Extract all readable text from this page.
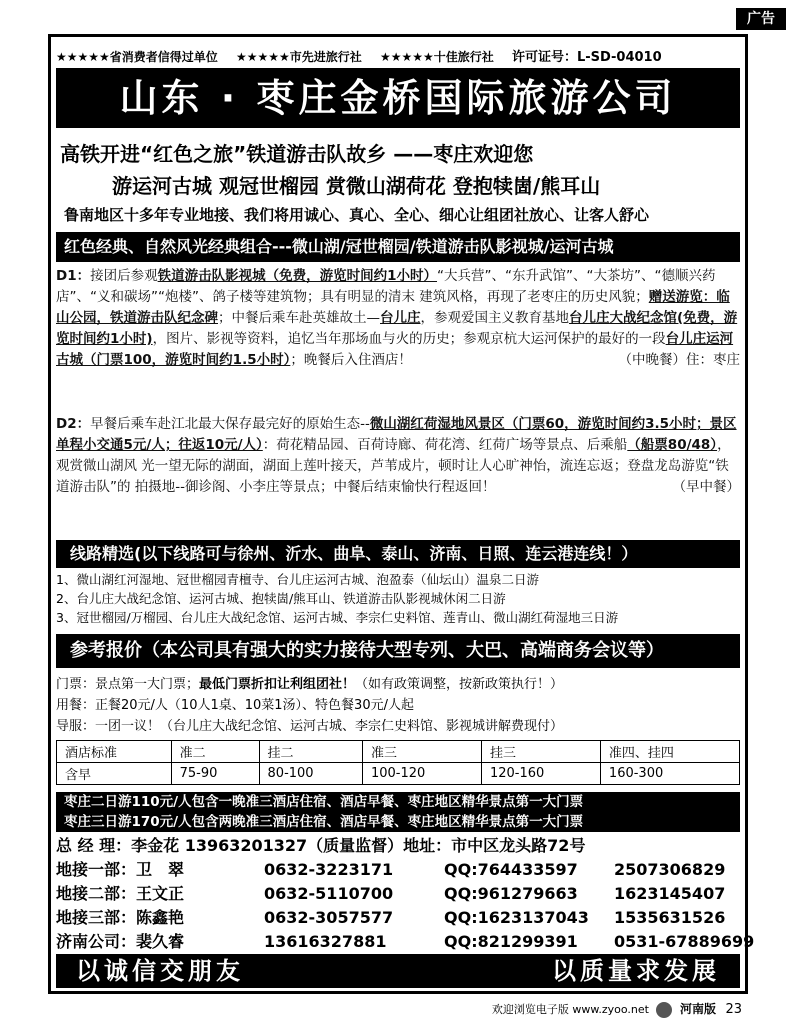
广告
★★★★★省消费者信得过单位 ★★★★★市先进旅行社 ★★★★★十佳旅行社 许可证号：L-SD-04010
山东 · 枣庄金桥国际旅游公司
高铁开进“红色之旅”铁道游击队故乡 ——枣庄欢迎您
游运河古城 观冠世榴园 赏微山湖荷花 登抱犊崮/熊耳山
鲁南地区十多年专业地接、我们将用诚心、真心、全心、细心让组团社放心、让客人舒心
红色经典、自然风光经典组合---微山湖/冠世榴园/铁道游击队影视城/运河古城
D1：接团后参观铁道游击队影视城（免费，游览时间约1小时）“大兵营”、“东升武馆”、“大茶坊”、“德顺兴药店”、“义和碳场”“炮楼”、鸽子楼等建筑物；具有明显的清末 建筑风格，再现了老枣庄的历史风貌；赠送游览：临山公园，铁道游击队纪念碑；中餐后乘车赴英雄故土—台儿庄，参观爱国主义教育基地台儿庄大战纪念馆(免费，游览时间约1小时)，图片、影视等资料，追忆当年那场血与火的历史；参观京杭大运河保护的最好的一段台儿庄运河古城（门票100，游览时间约1.5小时）；晚餐后入住酒店！	（中晚餐）住：枣庄
D2：早餐后乘车赴江北最大保存最完好的原始生态--微山湖红荷湿地风景区（门票60，游览时间约3.5小时；景区单程小交通5元/人；往返10元/人）：荷花精品园、百荷诗廊、荷花湾、红荷广场等景点、后乘船（船票80/48），观赏微山湖风 光一望无际的湖面，湖面上莲叶接天，芦苇成片，顿时让人心旷神怡，流连忘返；登盘龙岛游览“铁道游击队”的 拍摄地--御诊阁、小李庄等景点；中餐后结束愉快行程返回！	（早中餐）
线路精选(以下线路可与徐州、沂水、曲阜、泰山、济南、日照、连云港连线！）
1、微山湖红河湿地、冠世榴园青檀寺、台儿庄运河古城、泡盈泰（仙坛山）温泉二日游
2、台儿庄大战纪念馆、运河古城、抱犊崮/熊耳山、铁道游击队影视城休闲二日游
3、冠世榴园/万榴园、台儿庄大战纪念馆、运河古城、李宗仁史料馆、莲青山、微山湖红荷湿地三日游
参考报价（本公司具有强大的实力接待大型专列、大巴、高端商务会议等）
门票：景点第一大门票；最低门票折扣让利组团社！（如有政策调整，按新政策执行！）
用餐：正餐20元/人（10人1桌、10菜1汤）、特色餐30元/人起
导服：一团一议！（台儿庄大战纪念馆、运河古城、李宗仁史料馆、影视城讲解费现付）
酒店标准	准二	挂二	准三	挂三	准四、挂四
含早	75-90	80-100	100-120	120-160	160-300
枣庄二日游110元/人包含一晚准三酒店住宿、酒店早餐、枣庄地区精华景点第一大门票
枣庄三日游170元/人包含两晚准三酒店住宿、酒店早餐、枣庄地区精华景点第一大门票
总 经 理：李金花 13963201327（质量监督）地址：市中区龙头路72号
地接一部：卫　翠	0632-3223171	QQ:764433597 2507306829
地接二部：王文正	0632-5110700	QQ:961279663 1623145407
地接三部：陈鑫艳	0632-3057577	QQ:1623137043 1535631526
济南公司：裴久睿	13616327881	QQ:821299391 0531-67889699
以诚信交朋友	以质量求发展
欢迎浏览电子版 www.zyoo.net	河南版 23
